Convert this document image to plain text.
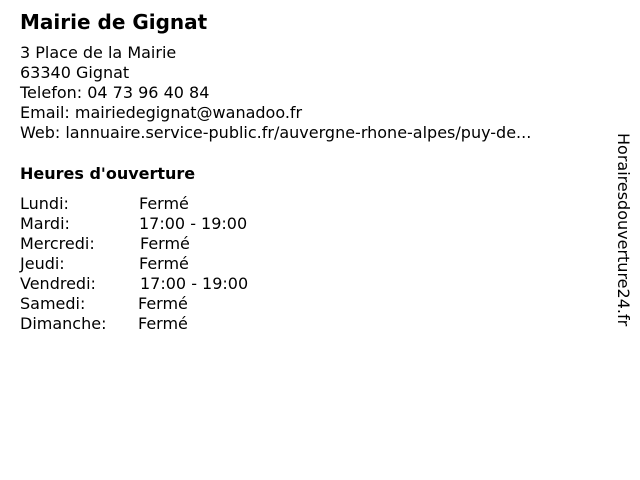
Mairie de Gignat
3 Place de la Mairie
63340 Gignat
Telefon: 04 73 96 40 84
Email: mairiedegignat@wanadoo.fr
Web: lannuaire.service-public.fr/auvergne-rhone-alpes/puy-de...
Heures d'ouverture
Lundi:	Fermé
Mardi:	17:00 - 19:00
Mercredi:	Fermé
Jeudi:	Fermé
Vendredi:	17:00 - 19:00
Samedi:	Fermé
Dimanche: Fermé	Horairesdouverture24.fr
